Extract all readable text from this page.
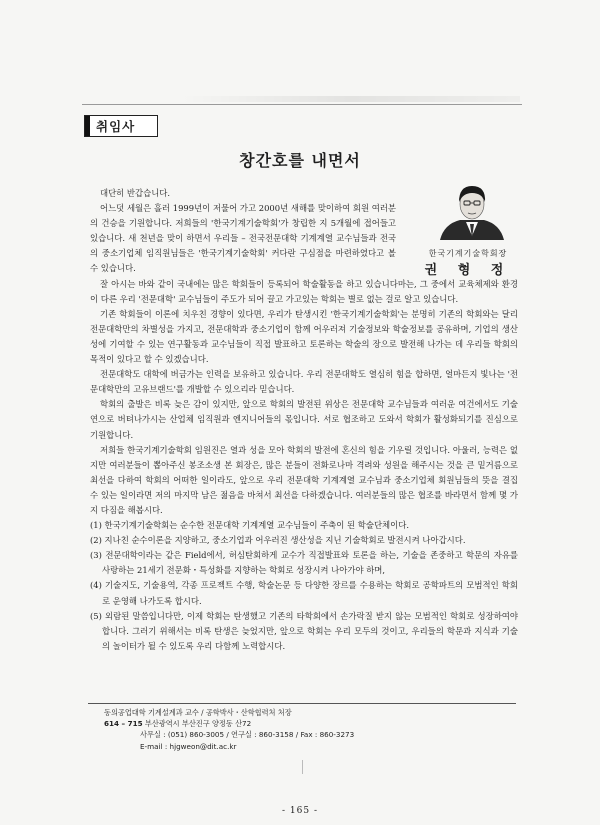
취임사
창간호를 내면서
한국기계기술학회장
권 형 정

대단히 반갑습니다.

어느덧 세월은 흘러 1999년이 저물어 가고 2000년 새해를 맞이하여 회원 여러분의 건승을 기원합니다. 저희들의 '한국기계기술학회'가 창립한 지 5개월에 접어들고 있습니다. 새 천년을 맞이 하면서 우리들 – 전국전문대학 기계계열 교수님들과 전국의 중소기업체 임직원님들은 '한국기계기술학회' 커다란 구심점을 마련하였다고 볼 수 있습니다.

잘 아시는 바와 같이 국내에는 많은 학회들이 등록되어 학술활동을 하고 있습니다마는, 그 중에서 교육체제와 환경이 다른 우리 '전문대학' 교수님들이 주도가 되어 끌고 가고있는 학회는 별로 없는 걸로 알고 있습니다.

기존 학회들이 이론에 치우친 경향이 있다면, 우리가 탄생시킨 '한국기계기술학회'는 분명히 기존의 학회와는 달리 전문대학만의 차별성을 가지고, 전문대학과 중소기업이 함께 어우러져 기술정보와 학술정보를 공유하며, 기업의 생산성에 기여할 수 있는 연구활동과 교수님들이 직접 발표하고 토론하는 학술의 장으로 발전해 나가는 데 우리들 학회의 목적이 있다고 할 수 있겠습니다.

전문대학도 대학에 버금가는 인력을 보유하고 있습니다. 우리 전문대학도 열심히 힘을 합하면, 얼마든지 빛나는 '전문대학만의 고유브랜드'를 개발할 수 있으리라 믿습니다.

학회의 출발은 비록 늦은 감이 있지만, 앞으로 학회의 발전된 위상은 전문대학 교수님들과 여러운 여건에서도 기술연으로 버텨나가시는 산업체 임직원과 엔지니어들의 몫입니다. 서로 협조하고 도와서 학회가 활성화되기를 진심으로 기원합니다.

저희들 한국기계기술학회 임원진은 열과 성을 모아 학회의 발전에 혼신의 힘을 기우릴 것입니다. 아울러, 능력은 없지만 여러분들이 뽑아주신 봉조소생 본 회장은, 많은 분들이 전화로나마 격려와 성원을 해주시는 것을 큰 밑거름으로 최선을 다하여 학회의 어떠한 일이라도, 앞으로 우리 전문대학 기계계열 교수님과 중소기업체 회원님들의 뜻을 결집 수 있는 일이라면 저의 마지막 남은 젊음을 바쳐서 최선을 다하겠습니다. 여러분들의 많은 협조를 바라면서 함께 몇 가지 다짐을 해봅시다.

(1) 한국기계기술학회는 순수한 전문대학 기계계열 교수님들이 주축이 된 학술단체이다.
(2) 지나친 순수이론을 지양하고, 중소기업과 어우러진 생산성을 지닌 기술학회로 발전시켜 나아갑시다.
(3) 전문대학이라는 같은 Field에서, 허심탄회하게 교수가 직접발표와 토론을 하는, 기술을 존중하고 학문의 자유를 사랑하는 21세기 전문화・특성화를 지향하는 학회로 성장시켜 나아가야 하며,
(4) 기술지도, 기술용역, 각종 프로젝트 수행, 학술논문 등 다양한 장르를 수용하는 학회로 공학파트의 모범적인 학회로 운영해 나가도록 합시다.
(5) 외람된 말씀입니다만, 이제 학회는 탄생했고 기존의 타학회에서 손가락질 받지 않는 모범적인 학회로 성장하여야 합니다. 그러기 위해서는 비록 탄생은 늦었지만, 앞으로 학회는 우리 모두의 것이고, 우리들의 학문과 지식과 기술의 놀이터가 될 수 있도록 우리 다함께 노력합시다.
동의공업대학 기계설계과 교수 / 공학박사・산학협력처 처장
614 – 715 부산광역시 부산진구 양정동 산72
사무실 : (051) 860-3005 / 연구실 : 860-3158 / Fax : 860-3273
E-mail : hjgweon@dit.ac.kr
- 165 -
